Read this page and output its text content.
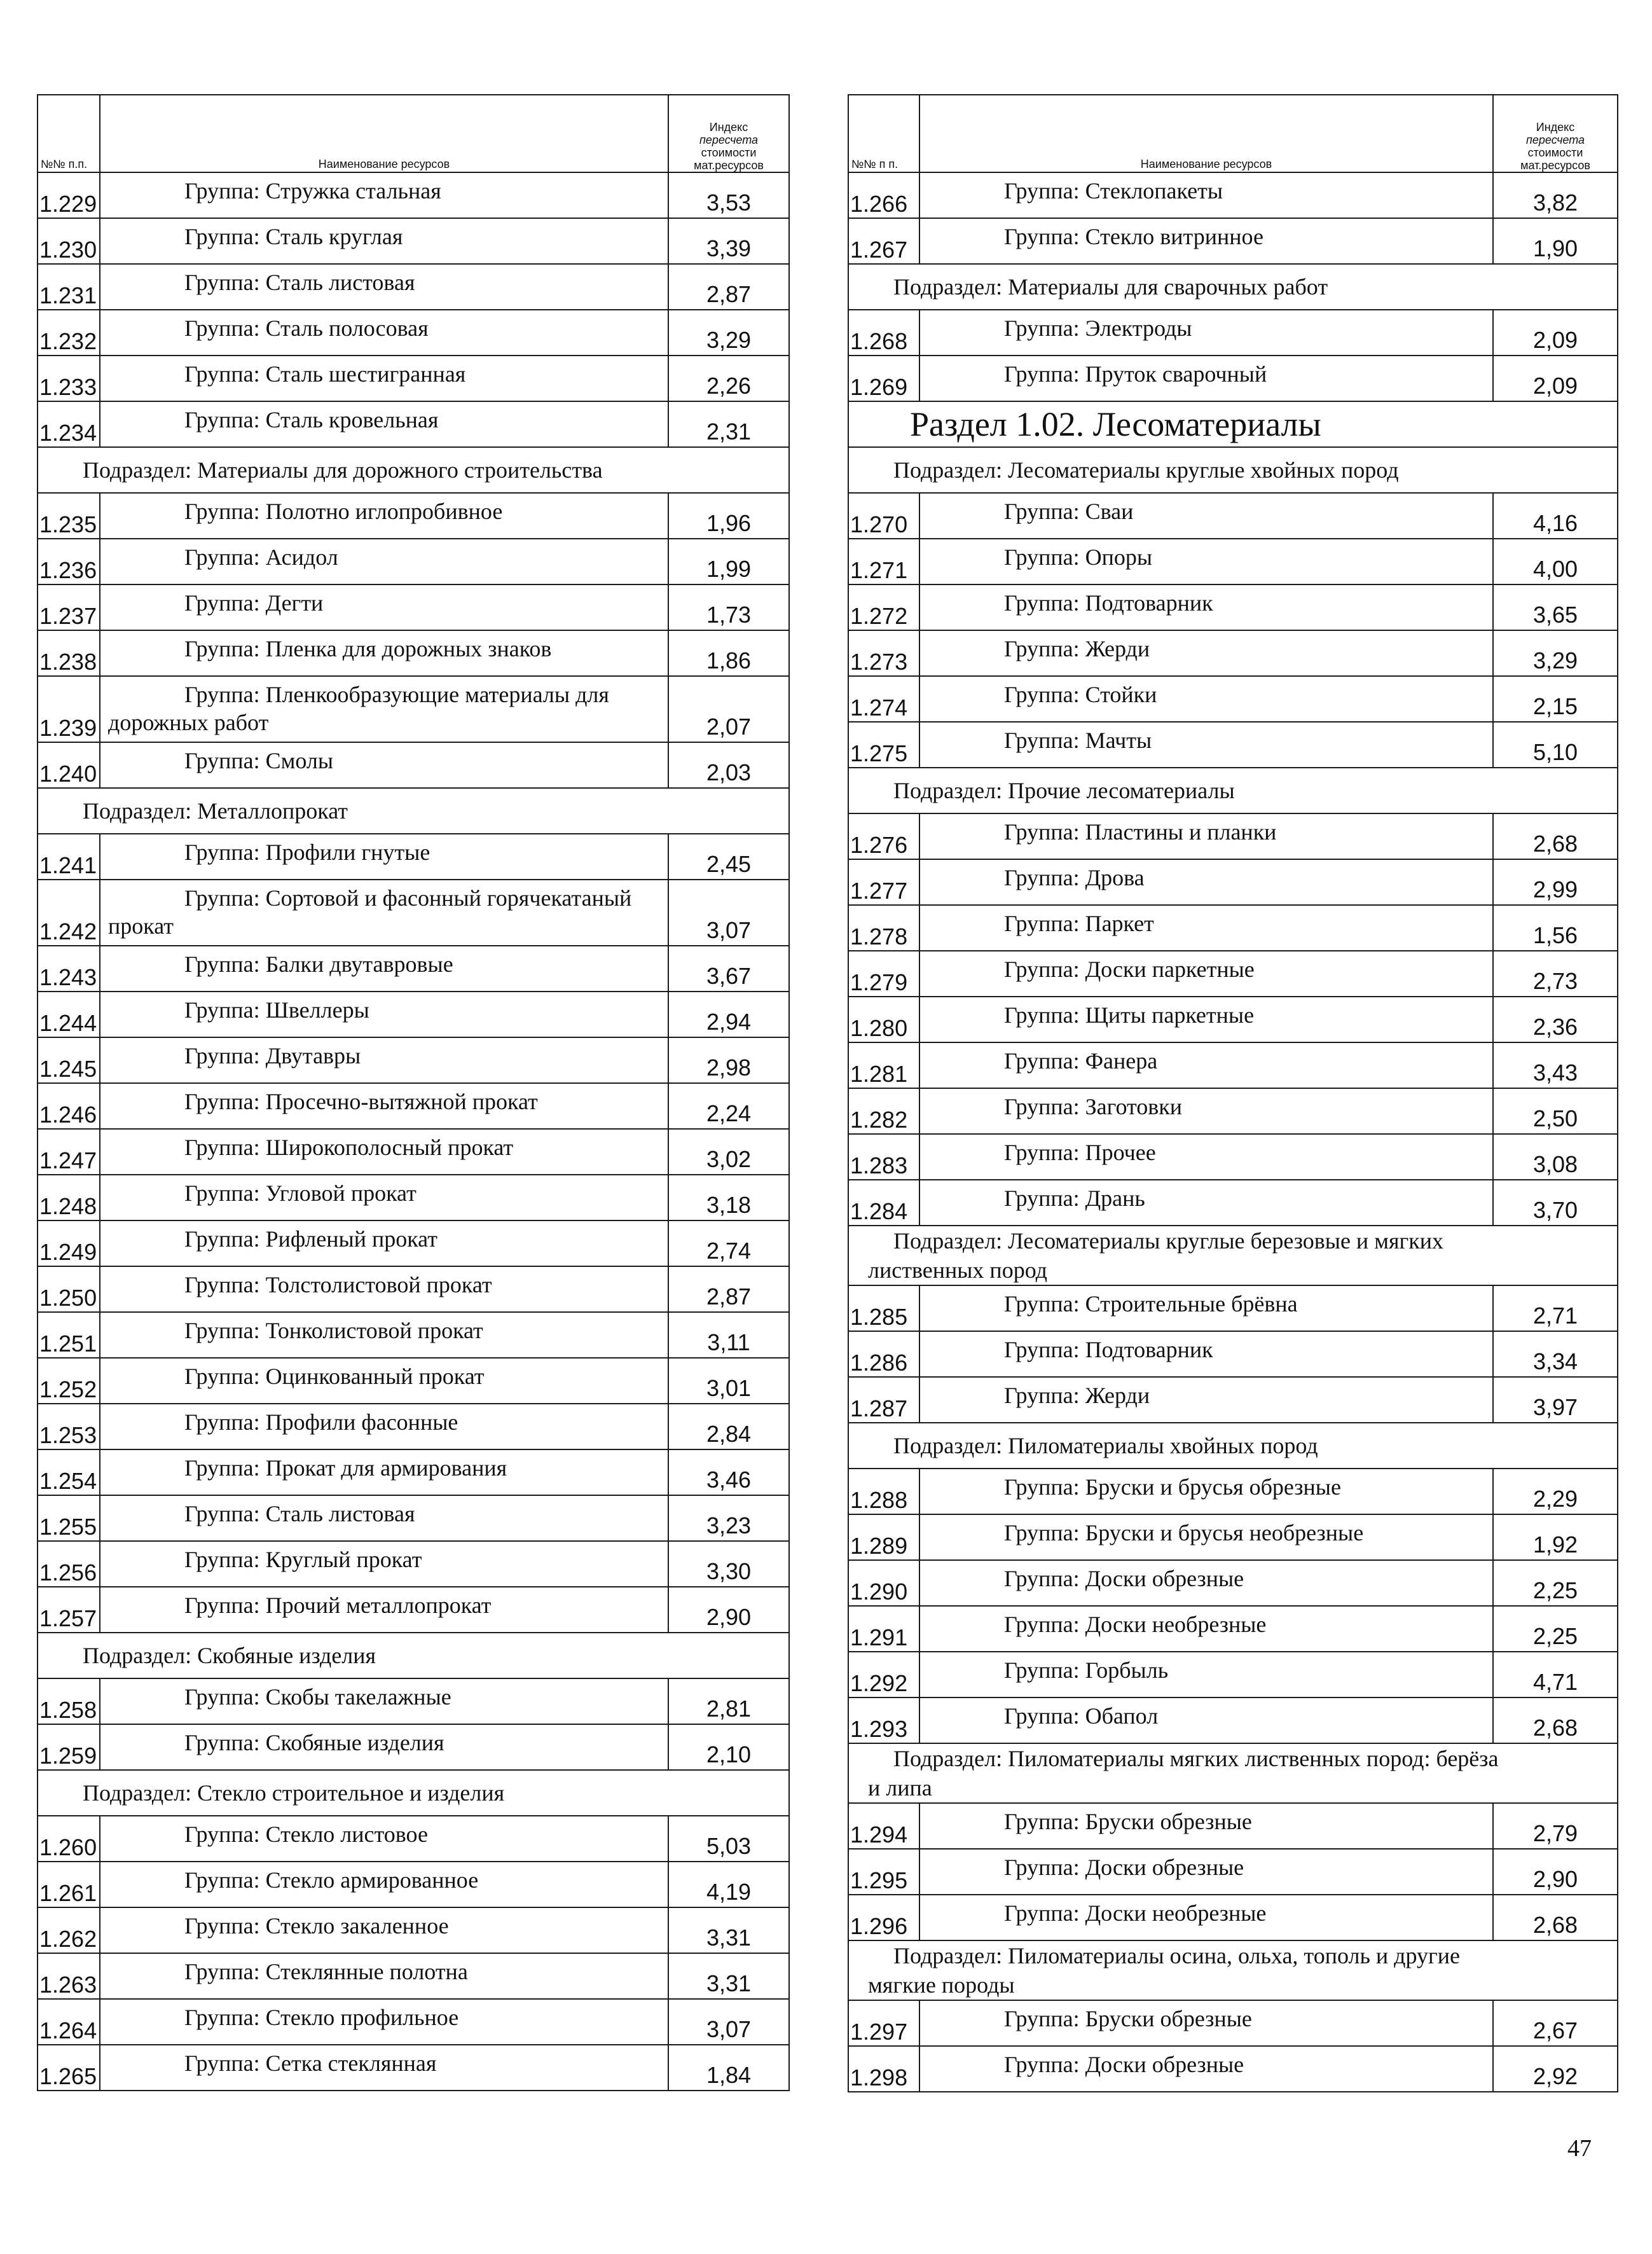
№№ п.п.	Наименование ресурсов	Индекс
пересчета
стоимости
мат.ресурсов

1.229	Группа: Стружка стальная	3,53
1.230	Группа: Сталь круглая	3,39
1.231	Группа: Сталь листовая	2,87
1.232	Группа: Сталь полосовая	3,29
1.233	Группа: Сталь шестигранная	2,26
1.234	Группа: Сталь кровельная	2,31
Подраздел: Материалы для дорожного строительства		
1.235	Группа: Полотно иглопробивное	1,96
1.236	Группа: Асидол	1,99
1.237	Группа: Дегти	1,73
1.238	Группа: Пленка для дорожных знаков	1,86
1.239	Группа: Пленкообразующие материалы для
дорожных работ	2,07
1.240	Группа: Смолы	2,03
Подраздел: Металлопрокат		
1.241	Группа: Профили гнутые	2,45
1.242	Группа: Сортовой и фасонный горячекатаный
прокат	3,07
1.243	Группа: Балки двутавровые	3,67
1.244	Группа: Швеллеры	2,94
1.245	Группа: Двутавры	2,98
1.246	Группа: Просечно-вытяжной прокат	2,24
1.247	Группа: Широкополосный прокат	3,02
1.248	Группа: Угловой прокат	3,18
1.249	Группа: Рифленый прокат	2,74
1.250	Группа: Толстолистовой прокат	2,87
1.251	Группа: Тонколистовой прокат	3,11
1.252	Группа: Оцинкованный прокат	3,01
1.253	Группа: Профили фасонные	2,84
1.254	Группа: Прокат для армирования	3,46
1.255	Группа: Сталь листовая	3,23
1.256	Группа: Круглый прокат	3,30
1.257	Группа: Прочий металлопрокат	2,90
Подраздел: Скобяные изделия		
1.258	Группа: Скобы такелажные	2,81
1.259	Группа: Скобяные изделия	2,10
Подраздел: Стекло строительное и изделия		
1.260	Группа: Стекло листовое	5,03
1.261	Группа: Стекло армированное	4,19
1.262	Группа: Стекло закаленное	3,31
1.263	Группа: Стеклянные полотна	3,31
1.264	Группа: Стекло профильное	3,07
1.265	Группа: Сетка стеклянная	1,84
№№ п п.	Наименование ресурсов	Индекс
пересчета
стоимости
мат.ресурсов

1.266	Группа: Стеклопакеты	3,82
1.267	Группа: Стекло витринное	1,90
Подраздел: Материалы для сварочных работ		
1.268	Группа: Электроды	2,09
1.269	Группа: Пруток сварочный	2,09
Раздел 1.02. Лесоматериалы		
Подраздел: Лесоматериалы круглые хвойных пород		
1.270	Группа: Сваи	4,16
1.271	Группа: Опоры	4,00
1.272	Группа: Подтоварник	3,65
1.273	Группа: Жерди	3,29
1.274	Группа: Стойки	2,15
1.275	Группа: Мачты	5,10
Подраздел: Прочие лесоматериалы		
1.276	Группа: Пластины и планки	2,68
1.277	Группа: Дрова	2,99
1.278	Группа: Паркет	1,56
1.279	Группа: Доски паркетные	2,73
1.280	Группа: Щиты паркетные	2,36
1.281	Группа: Фанера	3,43
1.282	Группа: Заготовки	2,50
1.283	Группа: Прочее	3,08
1.284	Группа: Дрань	3,70

Подраздел: Лесоматериалы круглые березовые и мягких
лиственных пород		

1.285	Группа: Строительные брёвна	2,71
1.286	Группа: Подтоварник	3,34
1.287	Группа: Жерди	3,97
Подраздел: Пиломатериалы хвойных пород		
1.288	Группа: Бруски и брусья обрезные	2,29
1.289	Группа: Бруски и брусья необрезные	1,92
1.290	Группа: Доски обрезные	2,25
1.291	Группа: Доски необрезные	2,25
1.292	Группа: Горбыль	4,71
1.293	Группа: Обапол	2,68

Подраздел: Пиломатериалы мягких лиственных пород: берёза
и липа		

1.294	Группа: Бруски обрезные	2,79
1.295	Группа: Доски обрезные	2,90
1.296	Группа: Доски необрезные	2,68

Подраздел: Пиломатериалы осина, ольха, тополь и другие
мягкие породы		

1.297	Группа: Бруски обрезные	2,67
1.298	Группа: Доски обрезные	2,92
47
